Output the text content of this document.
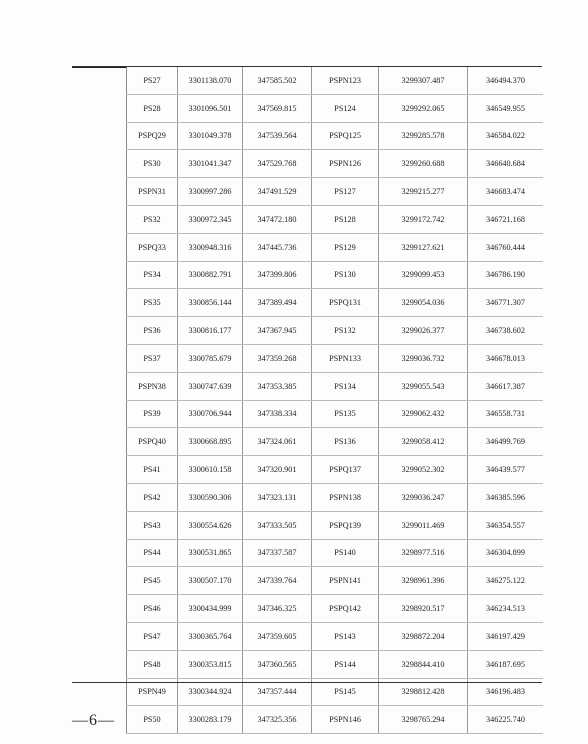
PS27	3301138.070	347585.502	PSPN123	3299307.487	346494.370
PS28	3301096.501	347569.815	PS124	3299292.065	346549.955
PSPQ29	3301049.378	347539.564	PSPQ125	3299285.578	346584.022
PS30	3301041.347	347529.768	PSPN126	3299260.688	346640.684
PSPN31	3300997.286	347491.529	PS127	3299215.277	346683.474
PS32	3300972.345	347472.180	PS128	3299172.742	346721.168
PSPQ33	3300948.316	347445.736	PS129	3299127.621	346760.444
PS34	3300882.791	347399.806	PS130	3299099.453	346786.190
PS35	3300856.144	347389.494	PSPQ131	3299054.036	346771.307
PS36	3300816.177	347367.945	PS132	3299026.377	346738.602
PS37	3300785.679	347359.268	PSPN133	3299036.732	346678.013
PSPN38	3300747.639	347353.385	PS134	3299055.543	346617.387
PS39	3300706.944	347338.334	PS135	3299062.432	346558.731
PSPQ40	3300668.895	347324.061	PS136	3299058.412	346499.769
PS41	3300610.158	347320.901	PSPQ137	3299052.302	346439.577
PS42	3300590.306	347323.131	PSPN138	3299036.247	346385.596
PS43	3300554.626	347333.505	PSPQ139	3299011.469	346354.557
PS44	3300531.865	347337.587	PS140	3298977.516	346304.899
PS45	3300507.170	347339.764	PSPN141	3298961.396	346275.122
PS46	3300434.999	347346.325	PSPQ142	3298920.517	346234.513
PS47	3300365.764	347359.605	PS143	3298872.204	346197.429
PS48	3300353.815	347360.565	PS144	3298844.410	346187.695
PSPN49	3300344.924	347357.444	PS145	3298812.428	346196.483
PS50	3300283.179	347325.356	PSPN146	3298765.294	346225.740
—6—
